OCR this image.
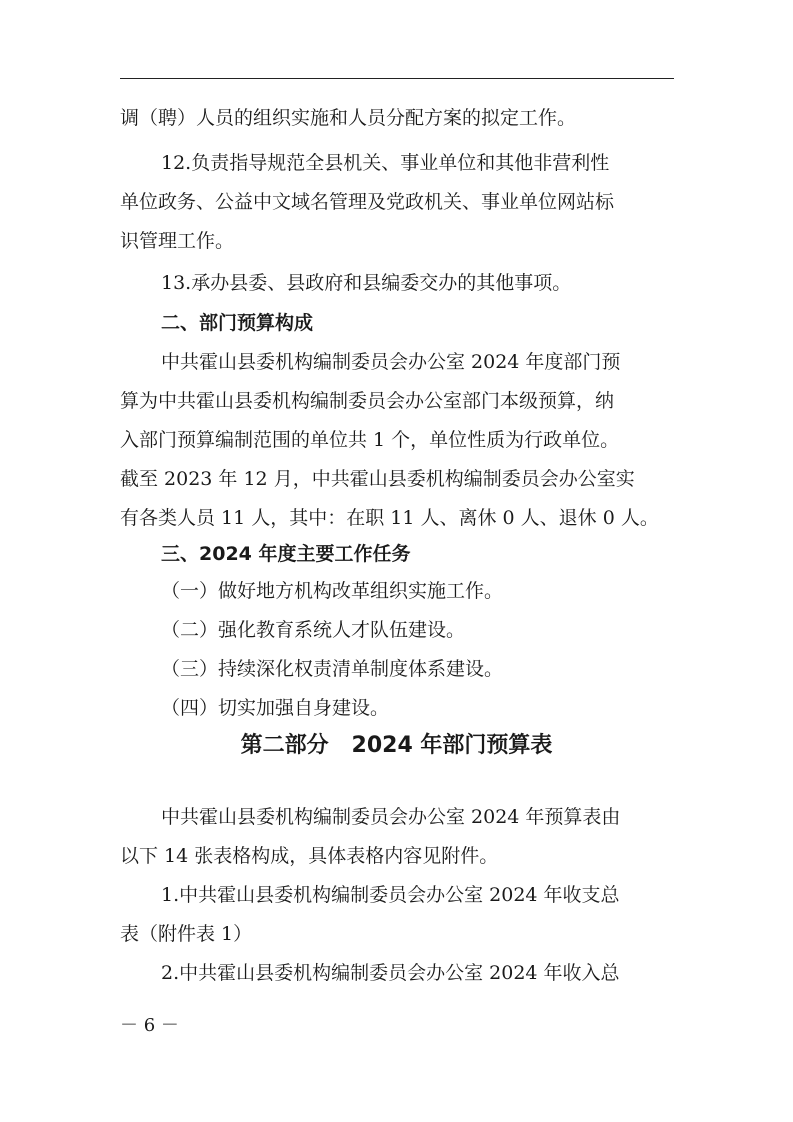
调（聘）人员的组织实施和人员分配方案的拟定工作。
12.负责指导规范全县机关、事业单位和其他非营利性
单位政务、公益中文域名管理及党政机关、事业单位网站标
识管理工作。
13.承办县委、县政府和县编委交办的其他事项。
二、部门预算构成
中共霍山县委机构编制委员会办公室 2024 年度部门预
算为中共霍山县委机构编制委员会办公室部门本级预算，纳
入部门预算编制范围的单位共 1 个，单位性质为行政单位。
截至 2023 年 12 月，中共霍山县委机构编制委员会办公室实
有各类人员 11 人，其中：在职 11 人、离休 0 人、退休 0 人。
三、2024 年度主要工作任务
（一）做好地方机构改革组织实施工作。
（二）强化教育系统人才队伍建设。
（三）持续深化权责清单制度体系建设。
（四）切实加强自身建设。
第二部分   2024 年部门预算表
中共霍山县委机构编制委员会办公室 2024 年预算表由
以下 14 张表格构成，具体表格内容见附件。
1.中共霍山县委机构编制委员会办公室 2024 年收支总
表（附件表 1）
2.中共霍山县委机构编制委员会办公室 2024 年收入总
－ 6 －
